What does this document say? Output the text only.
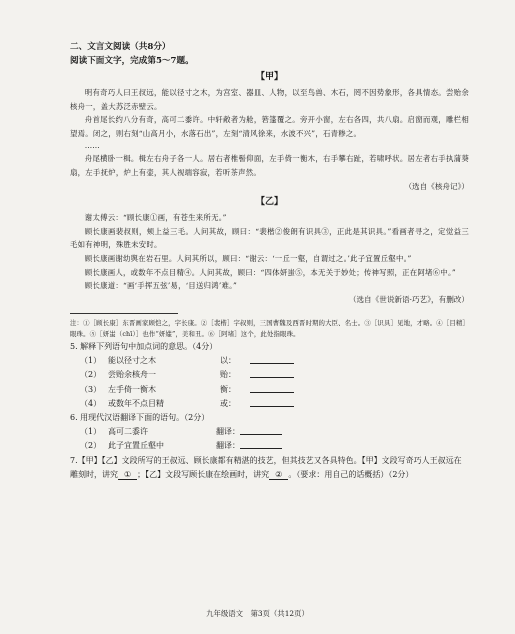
二、文言文阅读（共8分）
阅读下面文字，完成第5～7题。
【甲】

明有奇巧人曰王叔远，能以径寸之木，为宫室、器皿、人物，以至鸟兽、木石，罔不因势象形，各具情态。尝贻余核舟一，盖大苏泛赤壁云。

舟首尾长约八分有奇，高可二黍许。中轩敞者为舱，箬篷覆之。旁开小窗，左右各四，共八扇。启窗而观，雕栏相望焉。闭之，则右刻“山高月小，水落石出”，左刻“清风徐来，水波不兴”，石青糁之。

……

舟尾横卧一楫。楫左右舟子各一人。居右者椎髻仰面，左手倚一衡木，右手攀右趾，若啸呼状。居左者右手执蒲葵扇，左手抚炉，炉上有壶，其人视端容寂，若听茶声然。

（选自《核舟记》）

【乙】

谢太傅云：“顾长康①画，有苍生来所无。”

顾长康画裴叔则，颊上益三毛。人问其故，顾曰：“裴楷②俊朗有识具③，正此是其识具。”看画者寻之，定觉益三毛如有神明，殊胜未安时。

顾长康画谢幼舆在岩石里。人问其所以，顾曰：“谢云：‘一丘一壑，自谓过之。’此子宜置丘壑中。”

顾长康画人，或数年不点目精④。人问其故，顾曰：“四体妍蚩⑤，本无关于妙处；传神写照，正在阿堵⑥中。”

顾长康道：“画‘手挥五弦’易，‘目送归鸿’难。”

（选自《世说新语·巧艺》，有删改）

注：①［顾长康］东晋画家顾恺之，字长康。②［裴楷］字叔则，三国曹魏及西晋时期的大臣、名士。③［识具］见地，才略。④［目精］眼珠。⑤［妍蚩（chī）］也作“妍媸”，美和丑。⑥［阿堵］这个，此处指眼珠。

5. 解释下列语句中加点词的意思。（4分）

（1） 能以径寸之木	以：
（2） 尝贻余核舟一	贻：
（3） 左手倚一衡木	衡：
（4） 或数年不点目精	或：

6. 用现代汉语翻译下面的语句。（2分）

（1） 高可二黍许	翻译：
（2） 此子宜置丘壑中	翻译：

7.【甲】【乙】文段所写的王叔远、顾长康都有精湛的技艺，但其技艺又各具特色。【甲】文段写奇巧人王叔远在雕刻时，讲究 ① ；【乙】文段写顾长康在绘画时，讲究 ② 。（要求：用自己的话概括）（2分）

九年级语文　第3页（共12页）
